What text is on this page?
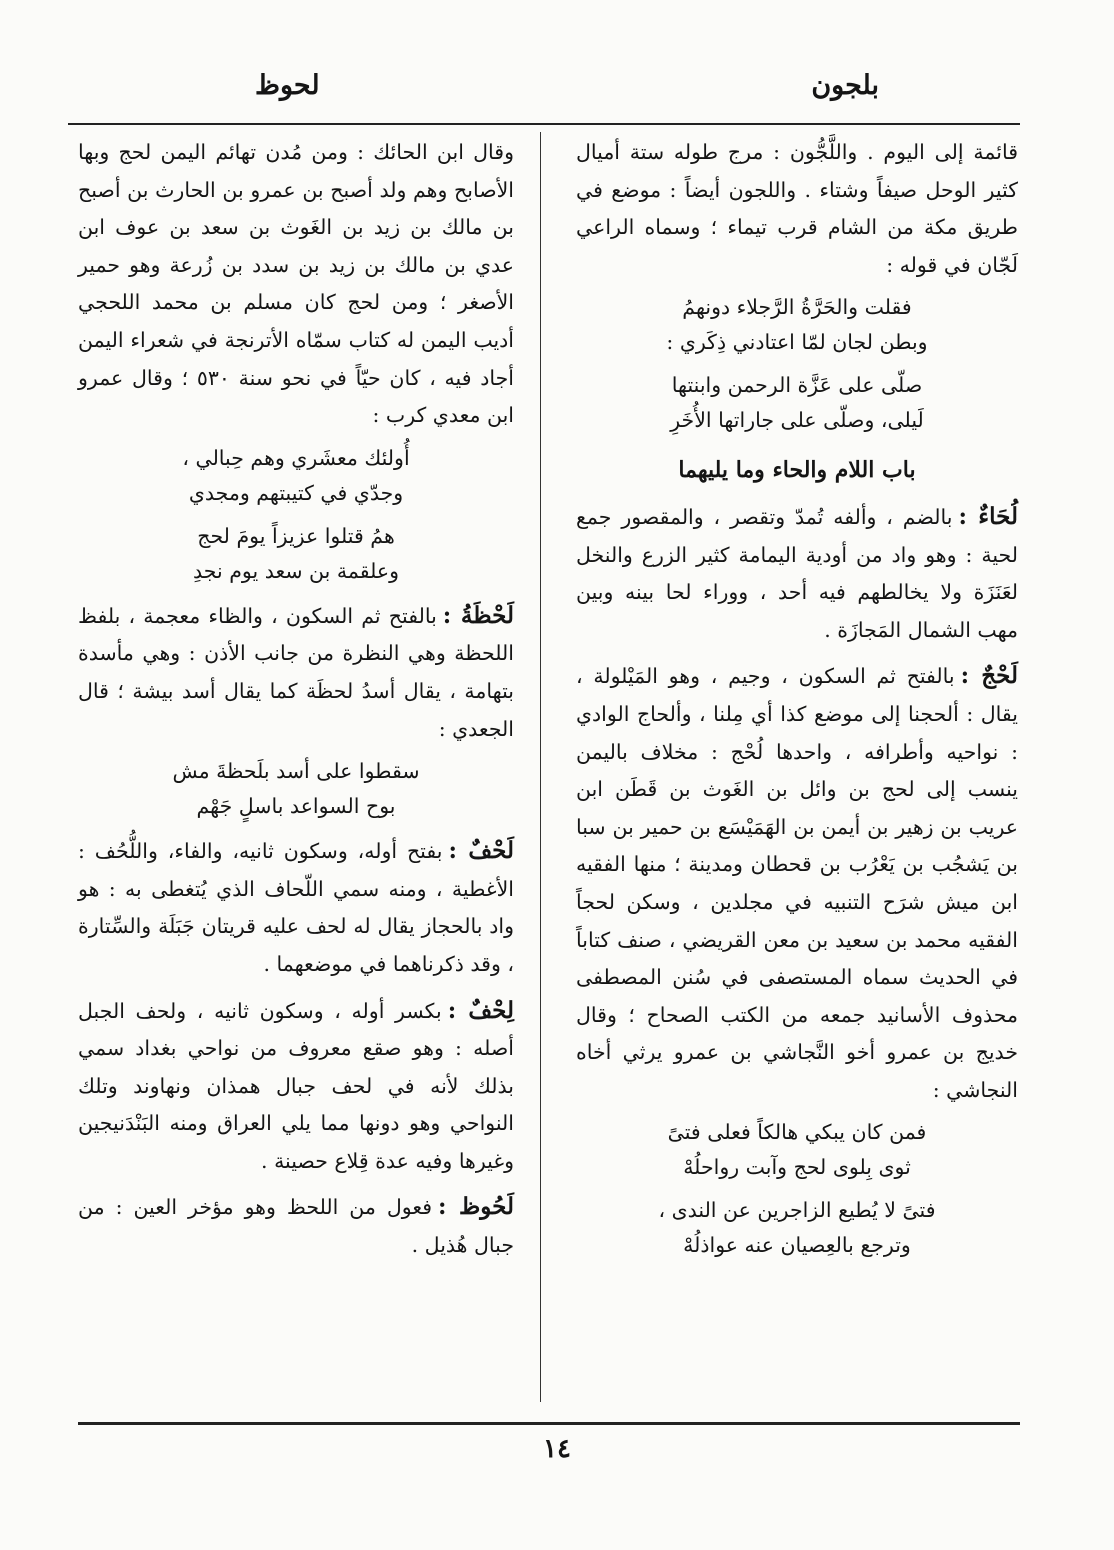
بلجون
لحوظ

قائمة إلى اليوم . واللَّجُّون : مرج طوله ستة أميال كثير الوحل صيفاً وشتاء . واللجون أيضاً : موضع في طريق مكة من الشام قرب تيماء ؛ وسماه الراعي لَجّان في قوله :

فقلت والحَرَّةُ الرَّجلاء دونهمُ
وبطن لجان لمّا اعتادني ذِكَري :
صلّى على عَزَّة الرحمن وابنتها
لَيلى، وصلّى على جاراتها الأُخَرِ
باب اللام والحاء وما يليهما

لُحَاءٌ :بالضم ، وألفه تُمدّ وتقصر ، والمقصور جمع لحية : وهو واد من أودية اليمامة كثير الزرع والنخل لعَنَزَة ولا يخالطهم فيه أحد ، ووراء لحا بينه وبين مهب الشمال المَجازَة .

لَحْجٌ :بالفتح ثم السكون ، وجيم ، وهو المَيْلولة ، يقال : ألحجنا إلى موضع كذا أي مِلنا ، وألحاج الوادي : نواحيه وأطرافه ، واحدها لُحْج : مخلاف باليمن ينسب إلى لحج بن وائل بن الغَوث بن قَطَن ابن عريب بن زهير بن أيمن بن الهَمَيْسَع بن حمير بن سبا بن يَشجُب بن يَعْرُب بن قحطان ومدينة ؛ منها الفقيه ابن ميش شرَح التنبيه في مجلدين ، وسكن لحجاً الفقيه محمد بن سعيد بن معن القريضي ، صنف كتاباً في الحديث سماه المستصفى في سُنن المصطفى محذوف الأسانيد جمعه من الكتب الصحاح ؛ وقال خديج بن عمرو أخو النَّجاشي بن عمرو يرثي أخاه النجاشي :

فمن كان يبكي هالكاً فعلى فتىً
ثوى بِلوى لحج وآبت رواحلُهْ
فتىً لا يُطيع الزاجرين عن الندى ،
وترجع بالعِصيان عنه عواذلُهْ

وقال ابن الحائك : ومن مُدن تهائم اليمن لحج وبها الأصابح وهم ولد أصبح بن عمرو بن الحارث بن أصبح بن مالك بن زيد بن الغَوث بن سعد بن عوف ابن عدي بن مالك بن زيد بن سدد بن زُرعة وهو حمير الأصغر ؛ ومن لحج كان مسلم بن محمد اللحجي أديب اليمن له كتاب سمّاه الأترنجة في شعراء اليمن أجاد فيه ، كان حيّاً في نحو سنة ٥٣٠ ؛ وقال عمرو ابن معدي كرب :

أُولئك معشَري وهم حِبالي ،
وجدّي في كتيبتهم ومجدي
همُ قتلوا عزيزاً يومَ لحج
وعلقمة بن سعد يوم نجدِ

لَحْظَةُ :بالفتح ثم السكون ، والظاء معجمة ، بلفظ اللحظة وهي النظرة من جانب الأذن : وهي مأسدة بتهامة ، يقال أسدُ لحظَة كما يقال أسد بيشة ؛ قال الجعدي :

سقطوا على أسد بلَحظةَ مش
بوح السواعد باسلٍ جَهْم

لَحْفٌ :بفتح أوله، وسكون ثانيه، والفاء، واللُّحُف : الأغطية ، ومنه سمي اللّحاف الذي يُتغطى به : هو واد بالحجاز يقال له لحف عليه قريتان جَبَلَة والسِّتارة ، وقد ذكرناهما في موضعهما .

لِحْفٌ :بكسر أوله ، وسكون ثانيه ، ولحف الجبل أصله : وهو صقع معروف من نواحي بغداد سمي بذلك لأنه في لحف جبال همذان ونهاوند وتلك النواحي وهو دونها مما يلي العراق ومنه البَنْدَنيجين وغيرها وفيه عدة قِلاع حصينة .

لَحُوظ :فعول من اللحظ وهو مؤخر العين : من جبال هُذيل .

١٤
